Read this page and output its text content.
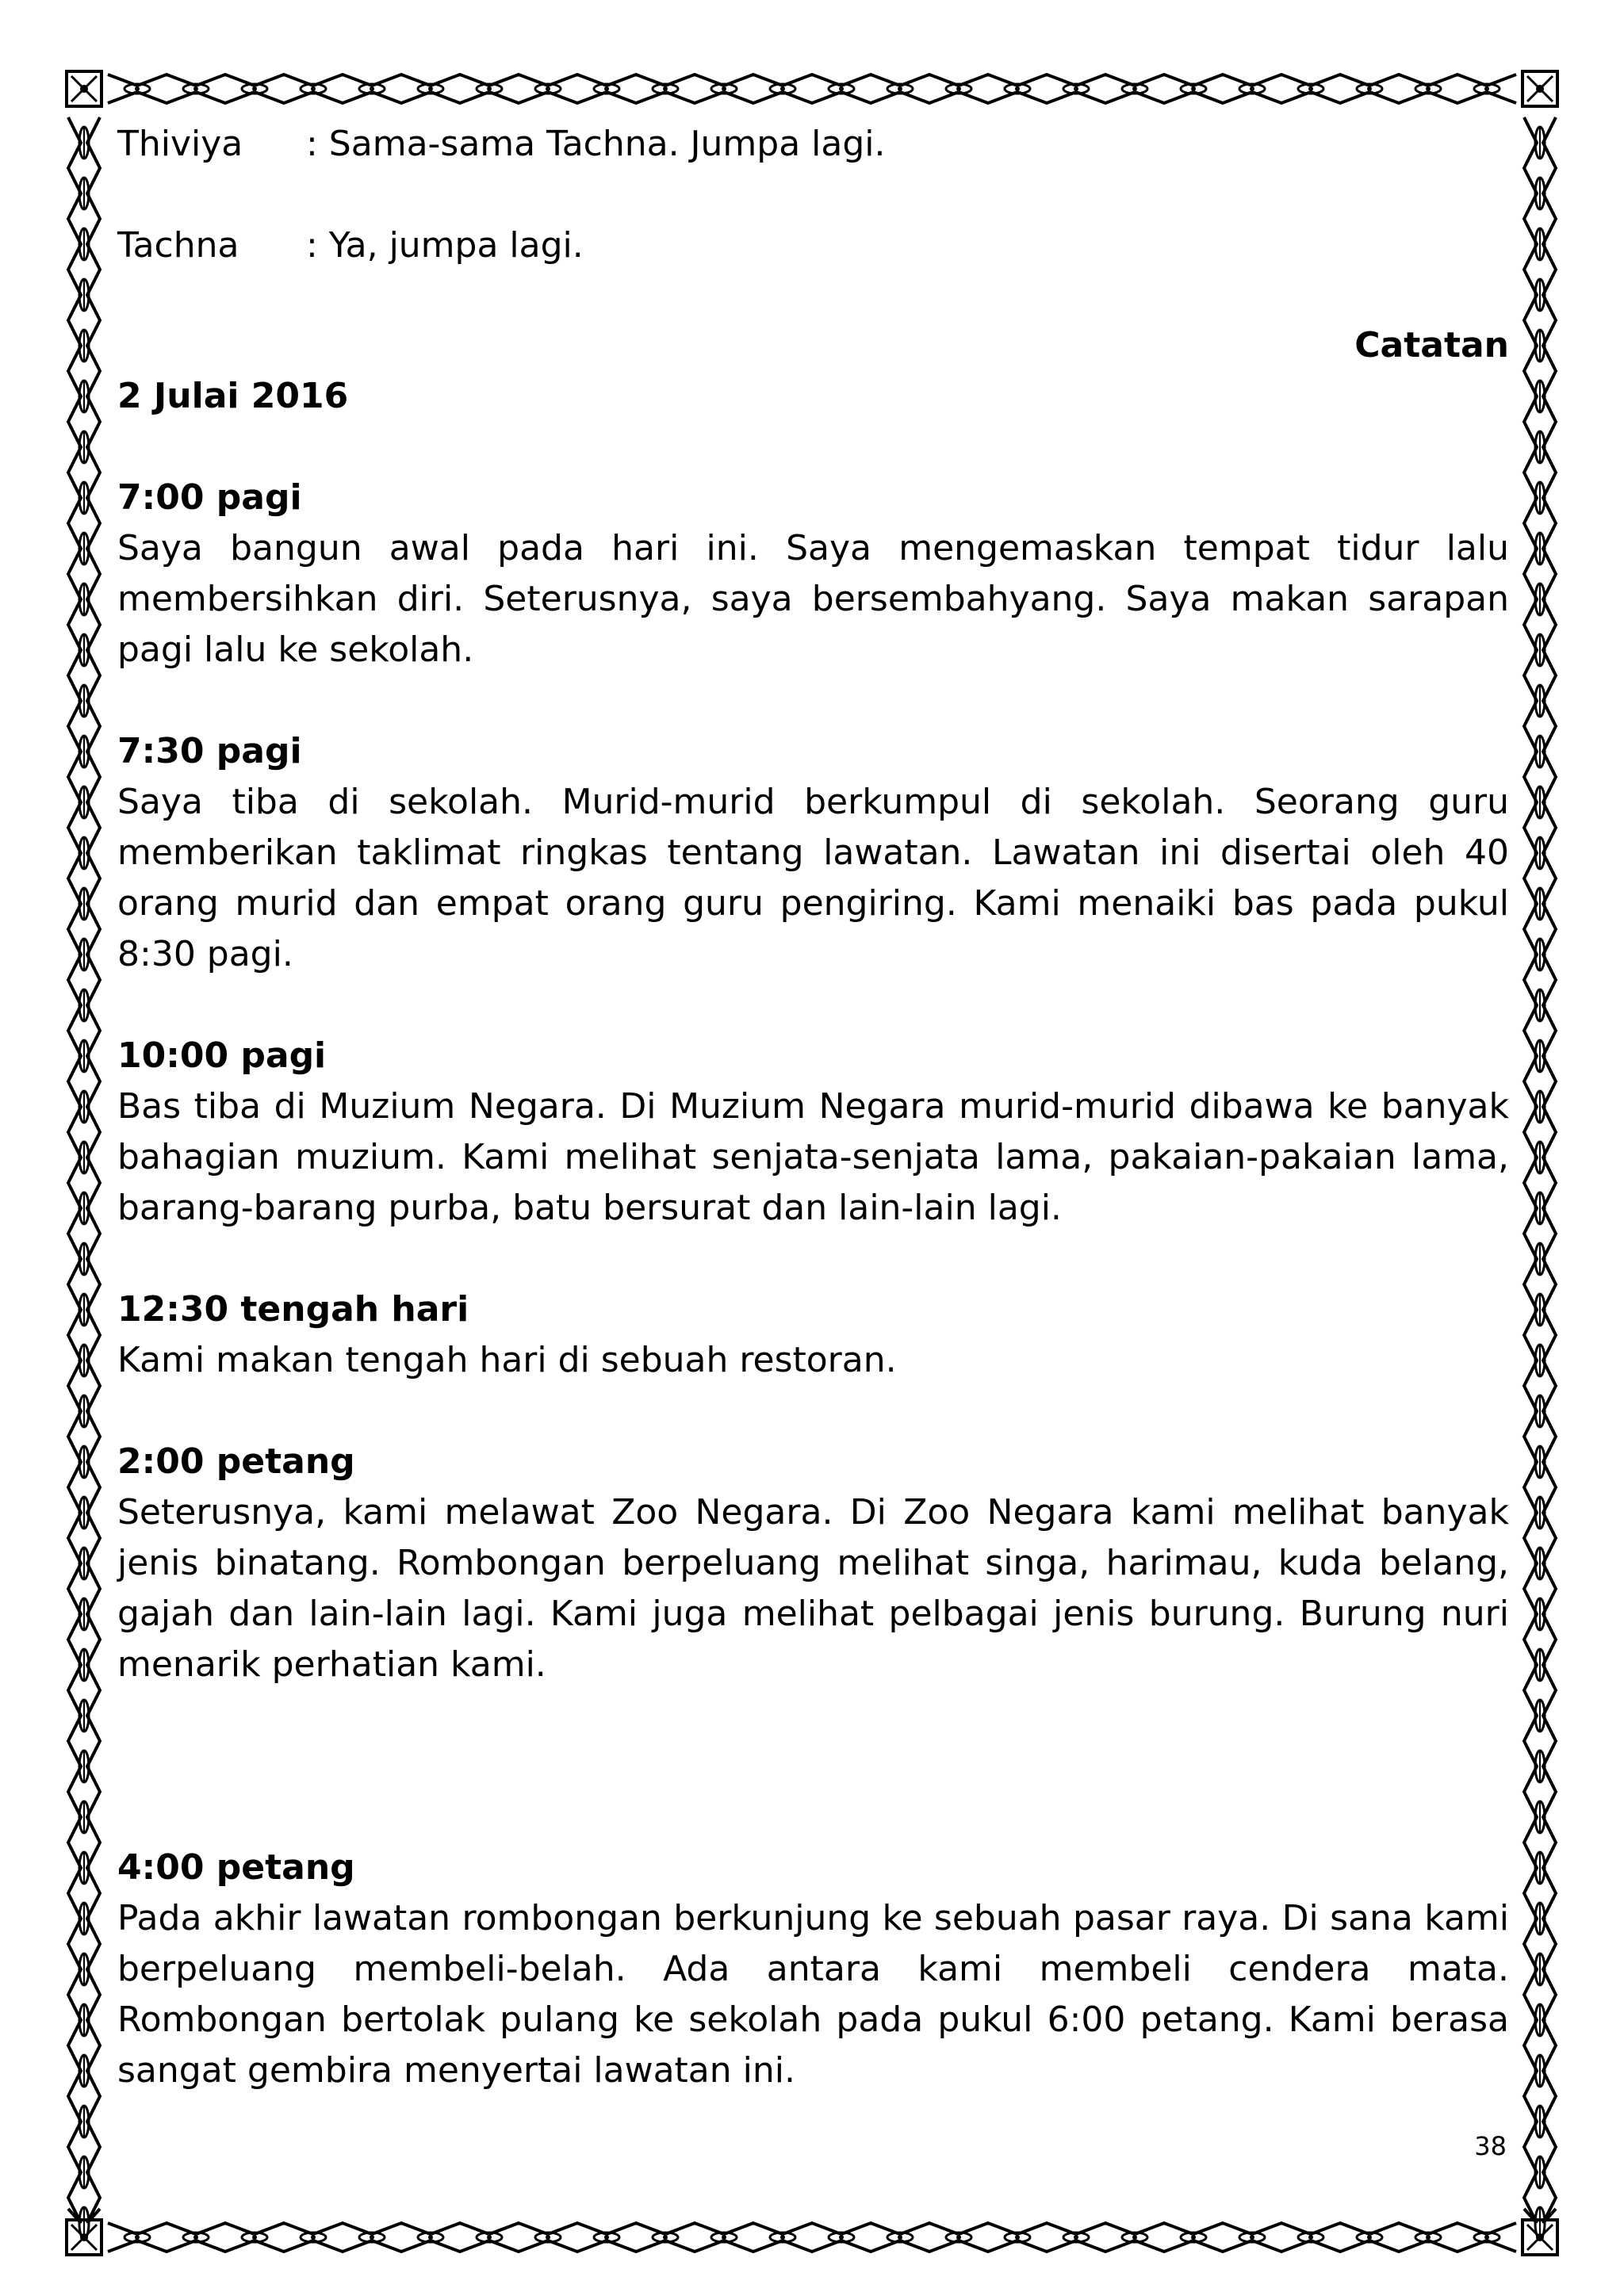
Thiviya	: Sama-sama Tachna. Jumpa lagi.
Tachna	: Ya, jumpa lagi.
Catatan
2 Julai 2016
7:00 pagi
Saya bangun awal pada hari ini. Saya mengemaskan tempat tidur lalu membersihkan diri. Seterusnya, saya bersembahyang. Saya makan sarapan pagi lalu ke sekolah.
7:30 pagi
Saya tiba di sekolah. Murid-murid berkumpul di sekolah. Seorang guru memberikan taklimat ringkas tentang lawatan. Lawatan ini disertai oleh 40 orang murid dan empat orang guru pengiring. Kami menaiki bas pada pukul 8:30 pagi.
10:00 pagi
Bas tiba di Muzium Negara. Di Muzium Negara murid-murid dibawa ke banyak bahagian muzium. Kami melihat senjata-senjata lama, pakaian-pakaian lama, barang-barang purba, batu bersurat dan lain-lain lagi.
12:30 tengah hari
Kami makan tengah hari di sebuah restoran.
2:00 petang
Seterusnya, kami melawat Zoo Negara. Di Zoo Negara kami melihat banyak jenis binatang. Rombongan berpeluang melihat singa, harimau, kuda belang, gajah dan lain-lain lagi. Kami juga melihat pelbagai jenis burung. Burung nuri menarik perhatian kami.
4:00 petang
Pada akhir lawatan rombongan berkunjung ke sebuah pasar raya. Di sana kami berpeluang membeli-belah. Ada antara kami membeli cendera mata. Rombongan bertolak pulang ke sekolah pada pukul 6:00 petang. Kami berasa sangat gembira menyertai lawatan ini.
38
